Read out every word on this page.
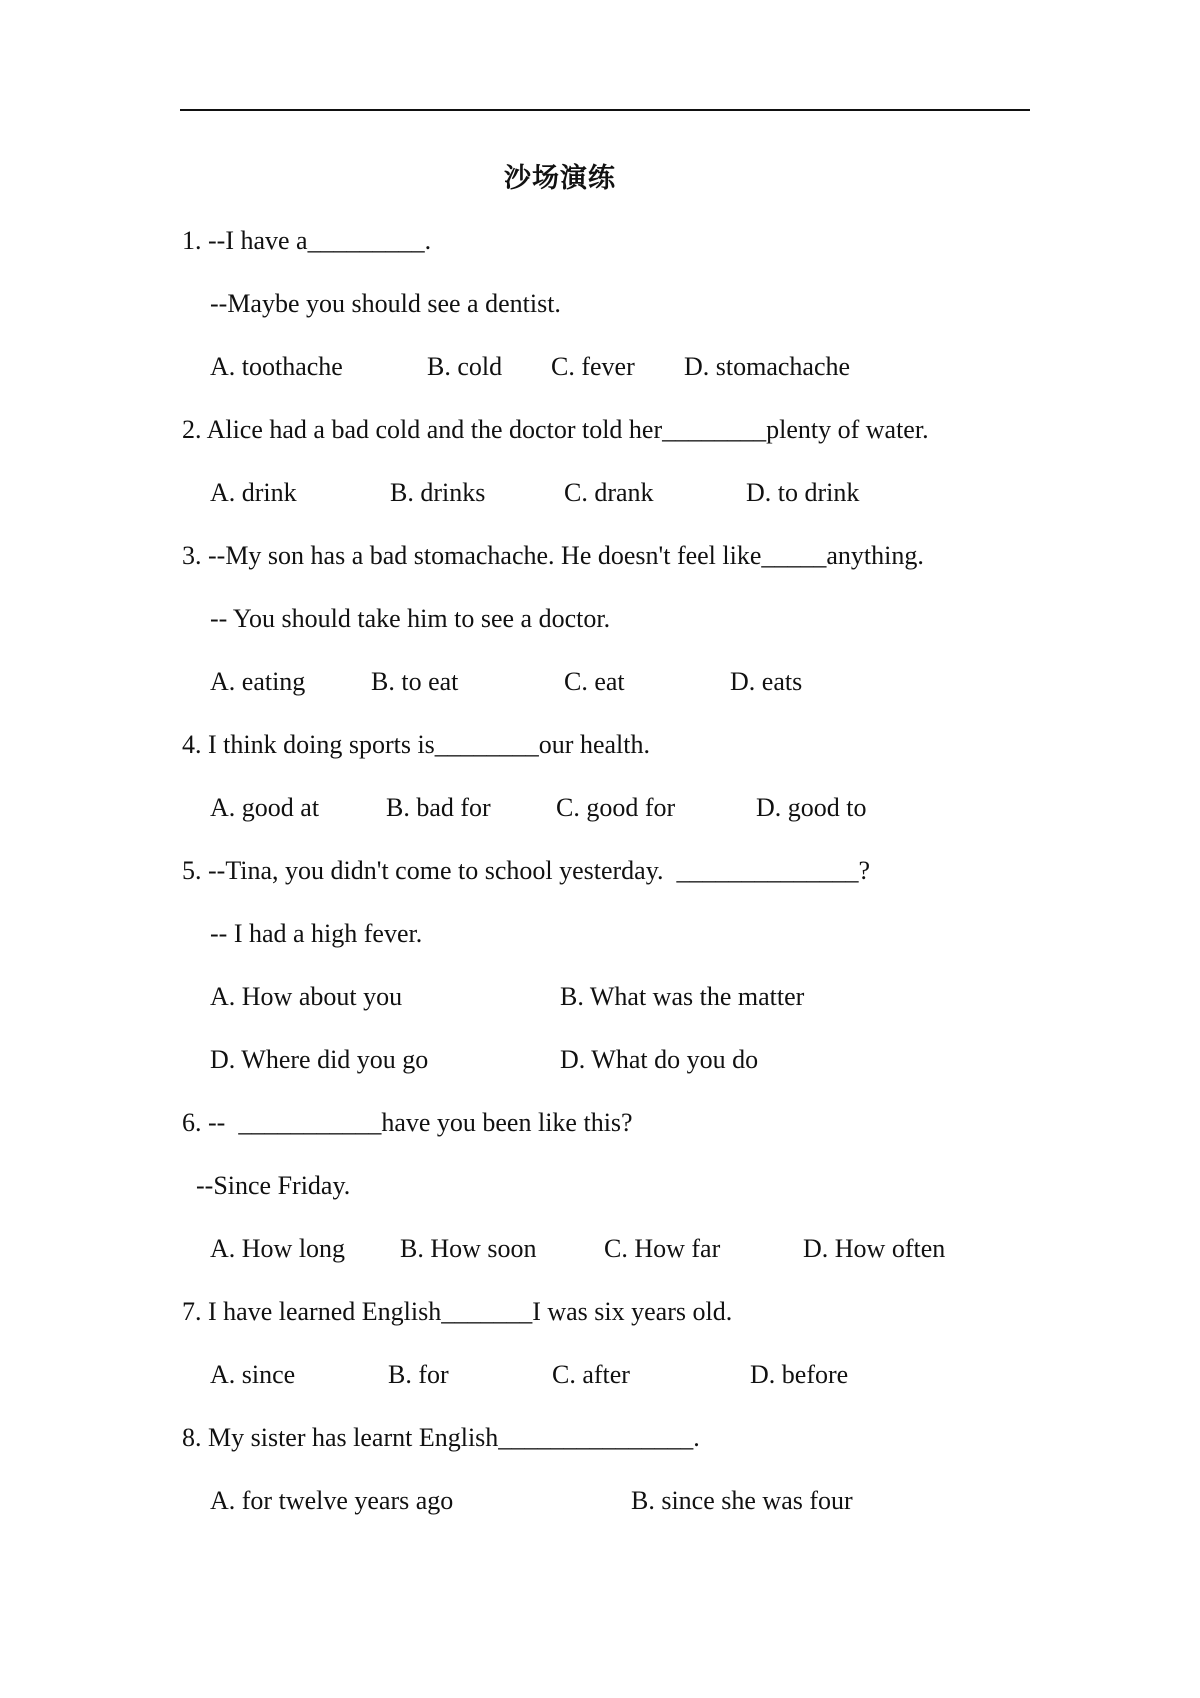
沙场演练
1. --I have a_________.
--Maybe you should see a dentist.
A. toothache	B. cold C. fever D. stomachache
2. Alice had a bad cold and the doctor told her________plenty of water.
A. drink	B. drinks	C. drank	D. to drink
3. --My son has a bad stomachache. He doesn't feel like_____anything.
-- You should take him to see a doctor.
A. eating	B. to eat	C. eat	D. eats
4. I think doing sports is________our health.
A. good at	B. bad for	C. good for	D. good to
5. --Tina, you didn't come to school yesterday.  ______________?
-- I had a high fever.
A. How about you	B. What was the matter
D. Where did you go	D. What do you do
6. --  ___________have you been like this?
--Since Friday.
A. How long B. How soon	C. How far	D. How often
7. I have learned English_______I was six years old.
A. since	B. for	C. after	D. before
8. My sister has learnt English_______________.
A. for twelve years ago	B. since she was four
